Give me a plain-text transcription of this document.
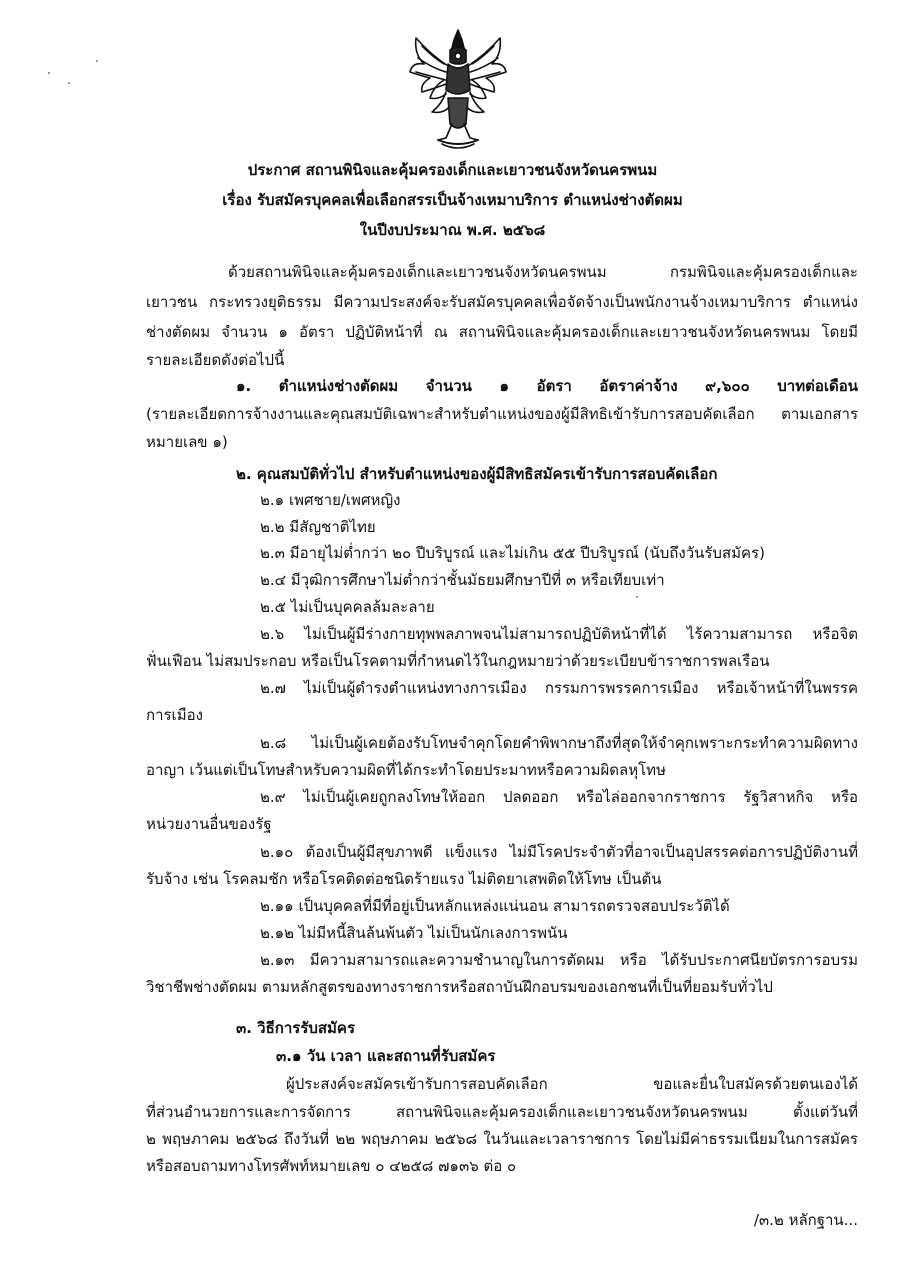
ประกาศ สถานพินิจและคุ้มครองเด็กและเยาวชนจังหวัดนครพนม
เรื่อง รับสมัครบุคคลเพื่อเลือกสรรเป็นจ้างเหมาบริการ ตำแหน่งช่างตัดผม
ในปีงบประมาณ พ.ศ. ๒๕๖๘
ด้วยสถานพินิจและคุ้มครองเด็กและเยาวชนจังหวัดนครพนม กรมพินิจและคุ้มครองเด็กและ
เยาวชน กระทรวงยุติธรรม มีความประสงค์จะรับสมัครบุคคลเพื่อจัดจ้างเป็นพนักงานจ้างเหมาบริการ ตำแหน่ง
ช่างตัดผม จำนวน ๑ อัตรา ปฏิบัติหน้าที่ ณ สถานพินิจและคุ้มครองเด็กและเยาวชนจังหวัดนครพนม โดยมี
รายละเอียดดังต่อไปนี้
๑. ตำแหน่งช่างตัดผม จำนวน ๑ อัตรา อัตราค่าจ้าง ๙,๖๐๐ บาทต่อเดือน
(รายละเอียดการจ้างงานและคุณสมบัติเฉพาะสำหรับตำแหน่งของผู้มีสิทธิเข้ารับการสอบคัดเลือก ตามเอกสาร
หมายเลข ๑)
๒. คุณสมบัติทั่วไป สำหรับตำแหน่งของผู้มีสิทธิสมัครเข้ารับการสอบคัดเลือก
๒.๑ เพศชาย/เพศหญิง
๒.๒ มีสัญชาติไทย
๒.๓ มีอายุไม่ต่ำกว่า ๒๐ ปีบริบูรณ์ และไม่เกิน ๕๕ ปีบริบูรณ์ (นับถึงวันรับสมัคร)
๒.๔ มีวุฒิการศึกษาไม่ต่ำกว่าชั้นมัธยมศึกษาปีที่ ๓ หรือเทียบเท่า
๒.๕ ไม่เป็นบุคคลล้มละลาย
๒.๖ ไม่เป็นผู้มีร่างกายทุพพลภาพจนไม่สามารถปฏิบัติหน้าที่ได้ ไร้ความสามารถ หรือจิต
ฟั่นเฟือน ไม่สมประกอบ หรือเป็นโรคตามที่กำหนดไว้ในกฎหมายว่าด้วยระเบียบข้าราชการพลเรือน
๒.๗ ไม่เป็นผู้ดำรงตำแหน่งทางการเมือง กรรมการพรรคการเมือง หรือเจ้าหน้าที่ในพรรค
การเมือง
๒.๘ ไม่เป็นผู้เคยต้องรับโทษจำคุกโดยคำพิพากษาถึงที่สุดให้จำคุกเพราะกระทำความผิดทาง
อาญา เว้นแต่เป็นโทษสำหรับความผิดที่ได้กระทำโดยประมาทหรือความผิดลหุโทษ
๒.๙ ไม่เป็นผู้เคยถูกลงโทษให้ออก ปลดออก หรือไล่ออกจากราชการ รัฐวิสาหกิจ หรือ
หน่วยงานอื่นของรัฐ
๒.๑๐ ต้องเป็นผู้มีสุขภาพดี แข็งแรง ไม่มีโรคประจำตัวที่อาจเป็นอุปสรรคต่อการปฏิบัติงานที่
รับจ้าง เช่น โรคลมชัก หรือโรคติดต่อชนิดร้ายแรง ไม่ติดยาเสพติดให้โทษ เป็นต้น
๒.๑๑ เป็นบุคคลที่มีที่อยู่เป็นหลักแหล่งแน่นอน สามารถตรวจสอบประวัติได้
๒.๑๒ ไม่มีหนี้สินล้นพ้นตัว ไม่เป็นนักเลงการพนัน
๒.๑๓ มีความสามารถและความชำนาญในการตัดผม หรือ ได้รับประกาศนียบัตรการอบรม
วิชาชีพช่างตัดผม ตามหลักสูตรของทางราชการหรือสถาบันฝึกอบรมของเอกชนที่เป็นที่ยอมรับทั่วไป
๓. วิธีการรับสมัคร
๓.๑ วัน เวลา และสถานที่รับสมัคร
ผู้ประสงค์จะสมัครเข้ารับการสอบคัดเลือก ขอและยื่นใบสมัครด้วยตนเองได้
ที่ส่วนอำนวยการและการจัดการ สถานพินิจและคุ้มครองเด็กและเยาวชนจังหวัดนครพนม ตั้งแต่วันที่
๒ พฤษภาคม ๒๕๖๘ ถึงวันที่ ๒๒ พฤษภาคม ๒๕๖๘ ในวันและเวลาราชการ โดยไม่มีค่าธรรมเนียมในการสมัคร
หรือสอบถามทางโทรศัพท์หมายเลข ๐ ๔๒๕๘ ๗๑๓๖ ต่อ ๐
/๓.๒ หลักฐาน...
